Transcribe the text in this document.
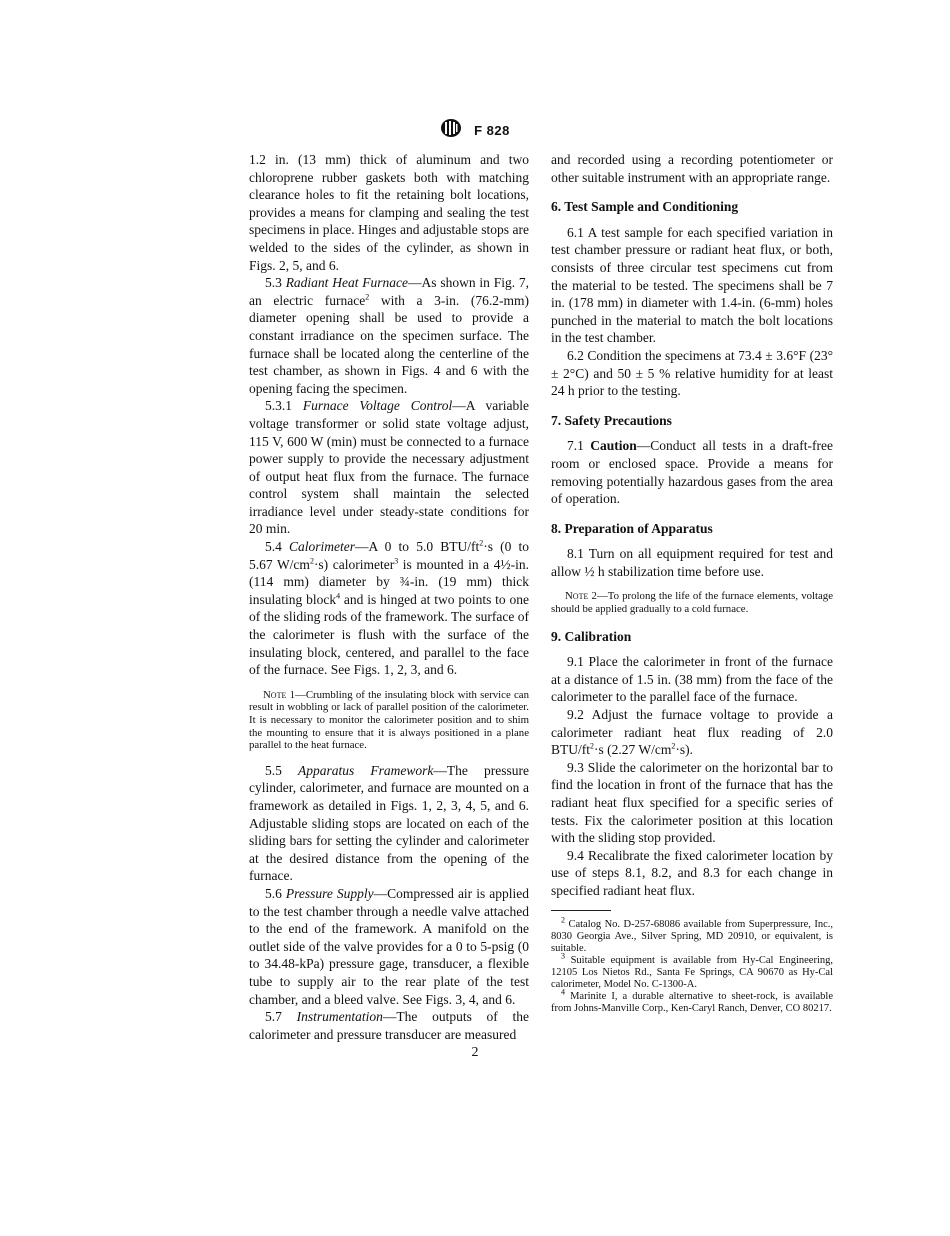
F 828

1.2 in. (13 mm) thick of aluminum and two chloroprene rubber gaskets both with matching clearance holes to fit the retaining bolt locations, provides a means for clamping and sealing the test specimens in place. Hinges and adjustable stops are welded to the sides of the cylinder, as shown in Figs. 2, 5, and 6.

5.3 Radiant Heat Furnace—As shown in Fig. 7, an electric furnace$^2$ with a 3-in. (76.2-mm) diameter opening shall be used to provide a constant irradiance on the specimen surface. The furnace shall be located along the centerline of the test chamber, as shown in Figs. 4 and 6 with the opening facing the specimen.

5.3.1 Furnace Voltage Control—A variable voltage transformer or solid state voltage adjust, 115 V, 600 W (min) must be connected to a furnace power supply to provide the necessary adjustment of output heat flux from the furnace. The furnace control system shall maintain the selected irradiance level under steady-state conditions for 20 min.

5.4 Calorimeter—A 0 to 5.0 BTU/$ft^2\cdot s$ (0 to 5.67 $W/cm^2\cdot s$) calorimeter$^3$ is mounted in a 4½-in. (114 mm) diameter by ¾-in. (19 mm) thick insulating block$^4$ and is hinged at two points to one of the sliding rods of the framework. The surface of the calorimeter is flush with the surface of the insulating block, centered, and parallel to the face of the furnace. See Figs. 1, 2, 3, and 6.

Note 1—Crumbling of the insulating block with service can result in wobbling or lack of parallel position of the calorimeter. It is necessary to monitor the calorimeter position and to shim the mounting to ensure that it is always positioned in a plane parallel to the heat furnace.

5.5 Apparatus Framework—The pressure cylinder, calorimeter, and furnace are mounted on a framework as detailed in Figs. 1, 2, 3, 4, 5, and 6. Adjustable sliding stops are located on each of the sliding bars for setting the cylinder and calorimeter at the desired distance from the opening of the furnace.

5.6 Pressure Supply—Compressed air is applied to the test chamber through a needle valve attached to the end of the framework. A manifold on the outlet side of the valve provides for a 0 to 5-psig (0 to 34.48-kPa) pressure gage, transducer, a flexible tube to supply air to the rear plate of the test chamber, and a bleed valve. See Figs. 3, 4, and 6.

5.7 Instrumentation—The outputs of the calorimeter and pressure transducer are measured

and recorded using a recording potentiometer or other suitable instrument with an appropriate range.

6. Test Sample and Conditioning

6.1 A test sample for each specified variation in test chamber pressure or radiant heat flux, or both, consists of three circular test specimens cut from the material to be tested. The specimens shall be 7 in. (178 mm) in diameter with 1.4-in. (6-mm) holes punched in the material to match the bolt locations in the test chamber.

6.2 Condition the specimens at 73.4 ± 3.6°F (23° ± 2°C) and 50 ± 5 % relative humidity for at least 24 h prior to the testing.

7. Safety Precautions

7.1 Caution—Conduct all tests in a draft-free room or enclosed space. Provide a means for removing potentially hazardous gases from the area of operation.

8. Preparation of Apparatus

8.1 Turn on all equipment required for test and allow ½ h stabilization time before use.

Note 2—To prolong the life of the furnace elements, voltage should be applied gradually to a cold furnace.

9. Calibration

9.1 Place the calorimeter in front of the furnace at a distance of 1.5 in. (38 mm) from the face of the calorimeter to the parallel face of the furnace.

9.2 Adjust the furnace voltage to provide a calorimeter radiant heat flux reading of 2.0 BTU/$ft^2\cdot s$ (2.27 $W/cm^2\cdot s$).

9.3 Slide the calorimeter on the horizontal bar to find the location in front of the furnace that has the radiant heat flux specified for a specific series of tests. Fix the calorimeter position at this location with the sliding stop provided.

9.4 Recalibrate the fixed calorimeter location by use of steps 8.1, 8.2, and 8.3 for each change in specified radiant heat flux.

$^2$ Catalog No. D-257-68086 available from Superpressure, Inc., 8030 Georgia Ave., Silver Spring, MD 20910, or equivalent, is suitable.

$^3$ Suitable equipment is available from Hy-Cal Engineering, 12105 Los Nietos Rd., Santa Fe Springs, CA 90670 as Hy-Cal calorimeter, Model No. C-1300-A.

$^4$ Marinite I, a durable alternative to sheet-rock, is available from Johns-Manville Corp., Ken-Caryl Ranch, Denver, CO 80217.

2
